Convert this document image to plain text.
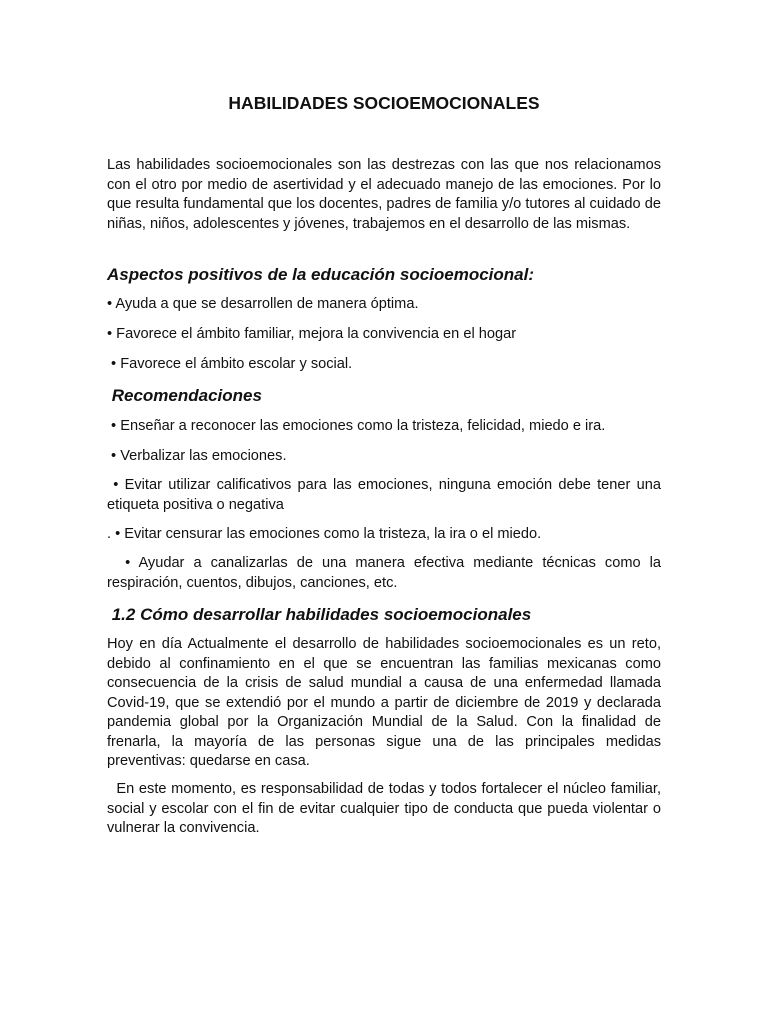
HABILIDADES SOCIOEMOCIONALES

Las habilidades socioemocionales son las destrezas con las que nos relacionamos con el otro por medio de asertividad y el adecuado manejo de las emociones. Por lo que resulta fundamental que los docentes, padres de familia y/o tutores al cuidado de niñas, niños, adolescentes y jóvenes, trabajemos en el desarrollo de las mismas.

Aspectos positivos de la educación socioemocional:

• Ayuda a que se desarrollen de manera óptima.

• Favorece el ámbito familiar, mejora la convivencia en el hogar

• Favorece el ámbito escolar y social.

Recomendaciones

• Enseñar a reconocer las emociones como la tristeza, felicidad, miedo e ira.

• Verbalizar las emociones.

• Evitar utilizar calificativos para las emociones, ninguna emoción debe tener una etiqueta positiva o negativa

. • Evitar censurar las emociones como la tristeza, la ira o el miedo.

• Ayudar a canalizarlas de una manera efectiva mediante técnicas como la respiración, cuentos, dibujos, canciones, etc.

1.2 Cómo desarrollar habilidades socioemocionales

Hoy en día Actualmente el desarrollo de habilidades socioemocionales es un reto, debido al confinamiento en el que se encuentran las familias mexicanas como consecuencia de la crisis de salud mundial a causa de una enfermedad llamada Covid-19, que se extendió por el mundo a partir de diciembre de 2019 y declarada pandemia global por la Organización Mundial de la Salud. Con la finalidad de frenarla, la mayoría de las personas sigue una de las principales medidas preventivas: quedarse en casa.

En este momento, es responsabilidad de todas y todos fortalecer el núcleo familiar, social y escolar con el fin de evitar cualquier tipo de conducta que pueda violentar o vulnerar la convivencia.
